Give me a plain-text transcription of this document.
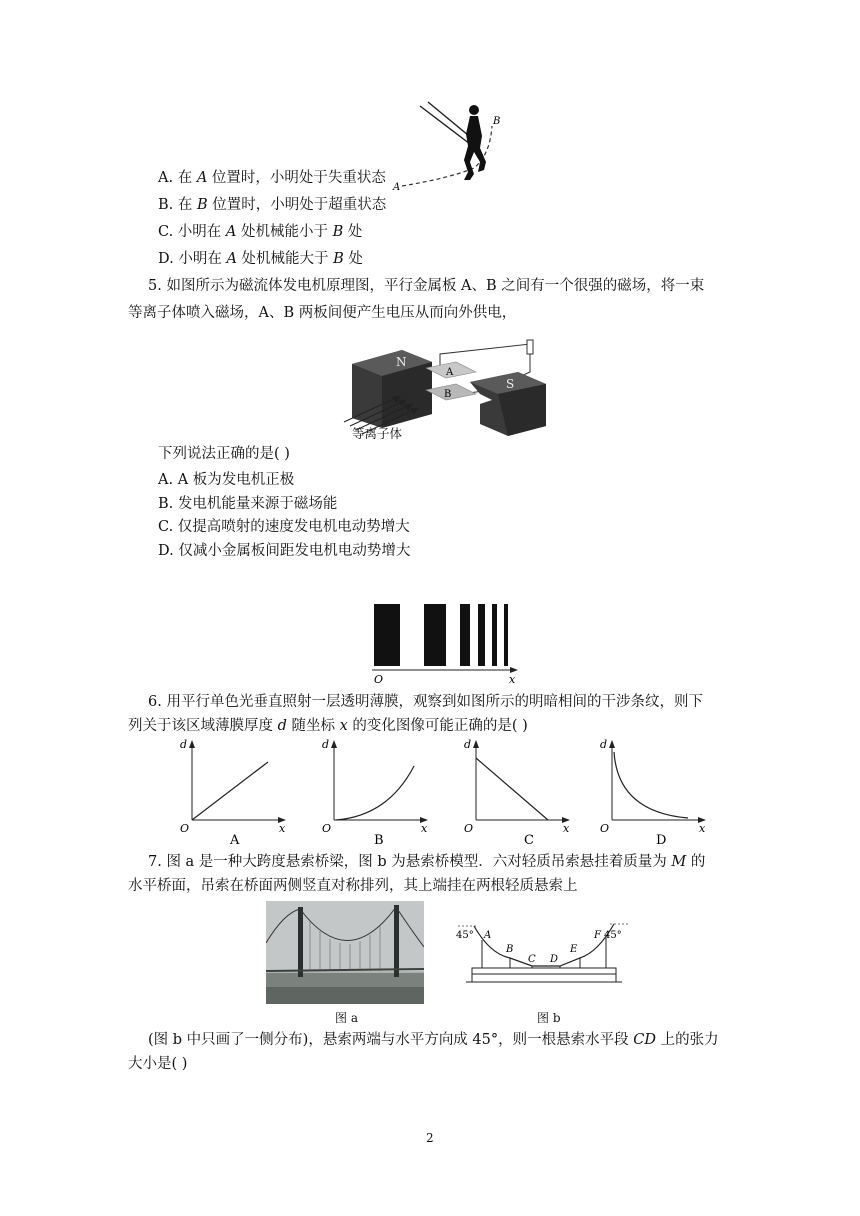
B
A
A. 在 A 位置时，小明处于失重状态
B. 在 B 位置时，小明处于超重状态
C. 小明在 A 处机械能小于 B 处
D. 小明在 A 处机械能大于 B 处
5. 如图所示为磁流体发电机原理图，平行金属板 A、B 之间有一个很强的磁场，将一束
等离子体喷入磁场，A、B 两板间便产生电压从而向外供电，
N
A
B
S
等离子体
下列说法正确的是( )
A. A 板为发电机正极
B. 发电机能量来源于磁场能
C. 仅提高喷射的速度发电机电动势增大
D. 仅减小金属板间距发电机电动势增大
O	x
6. 用平行单色光垂直照射一层透明薄膜，观察到如图所示的明暗相间的干涉条纹，则下
列关于该区域薄膜厚度 d 随坐标 x 的变化图像可能正确的是( )
d
x
O
A
d
x
O
B
d
x
O
C
d
x
O
D
7. 图 a 是一种大跨度悬索桥梁，图 b 为悬索桥模型．六对轻质吊索悬挂着质量为 M 的
水平桥面，吊索在桥面两侧竖直对称排列，其上端挂在两根轻质悬索上
图 a
45°	45°
A
B
C D
E
F
图 b
(图 b 中只画了一侧分布)，悬索两端与水平方向成 45°，则一根悬索水平段 CD 上的张力
大小是( )
2
